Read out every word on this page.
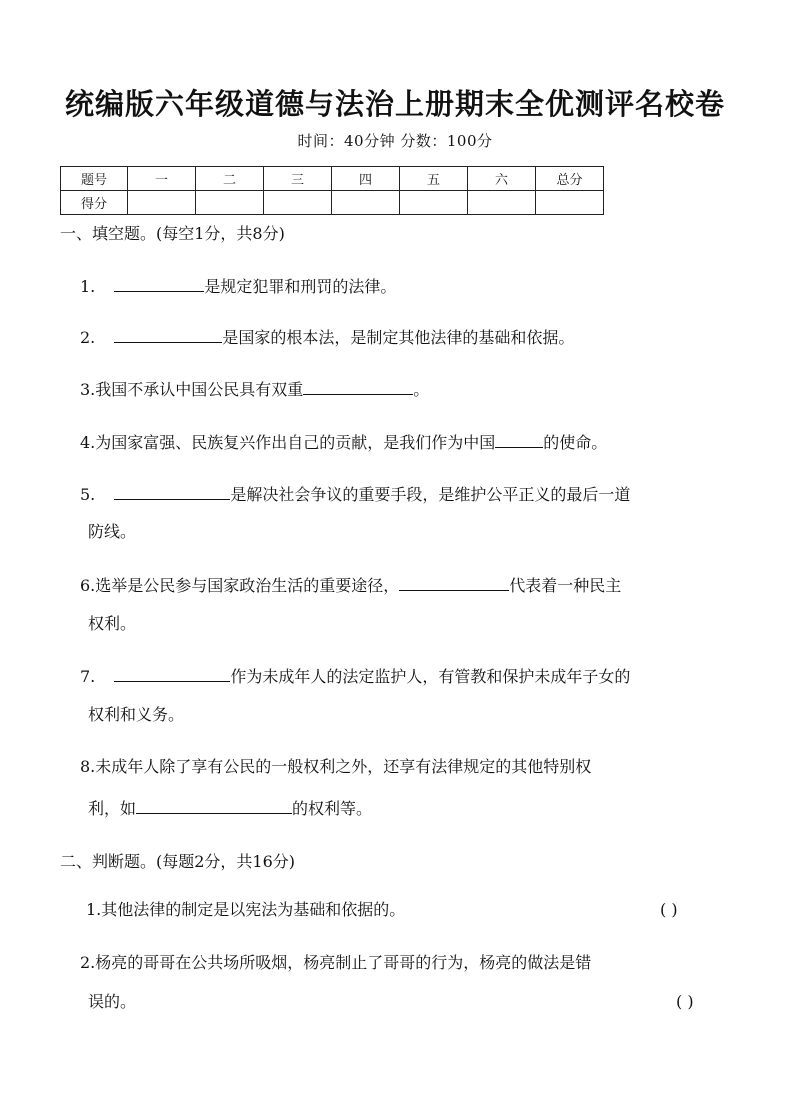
统编版六年级道德与法治上册期末全优测评名校卷
时间：40分钟 分数：100分
题号	一	二	三	四	五	六	总分
得分							
一、填空题。(每空1分，共8分)
1.	是规定犯罪和刑罚的法律。
2.	是国家的根本法，是制定其他法律的基础和依据。
3.我国不承认中国公民具有双重	。
4.为国家富强、民族复兴作出自己的贡献，是我们作为中国	的使命。
5.	是解决社会争议的重要手段，是维护公平正义的最后一道
防线。
6.选举是公民参与国家政治生活的重要途径，	代表着一种民主
权利。
7.	作为未成年人的法定监护人，有管教和保护未成年子女的
权利和义务。
8.未成年人除了享有公民的一般权利之外，还享有法律规定的其他特别权
利，如	的权利等。
二、判断题。(每题2分，共16分)
1.其他法律的制定是以宪法为基础和依据的。	( )
2.杨亮的哥哥在公共场所吸烟，杨亮制止了哥哥的行为，杨亮的做法是错
误的。	( )
